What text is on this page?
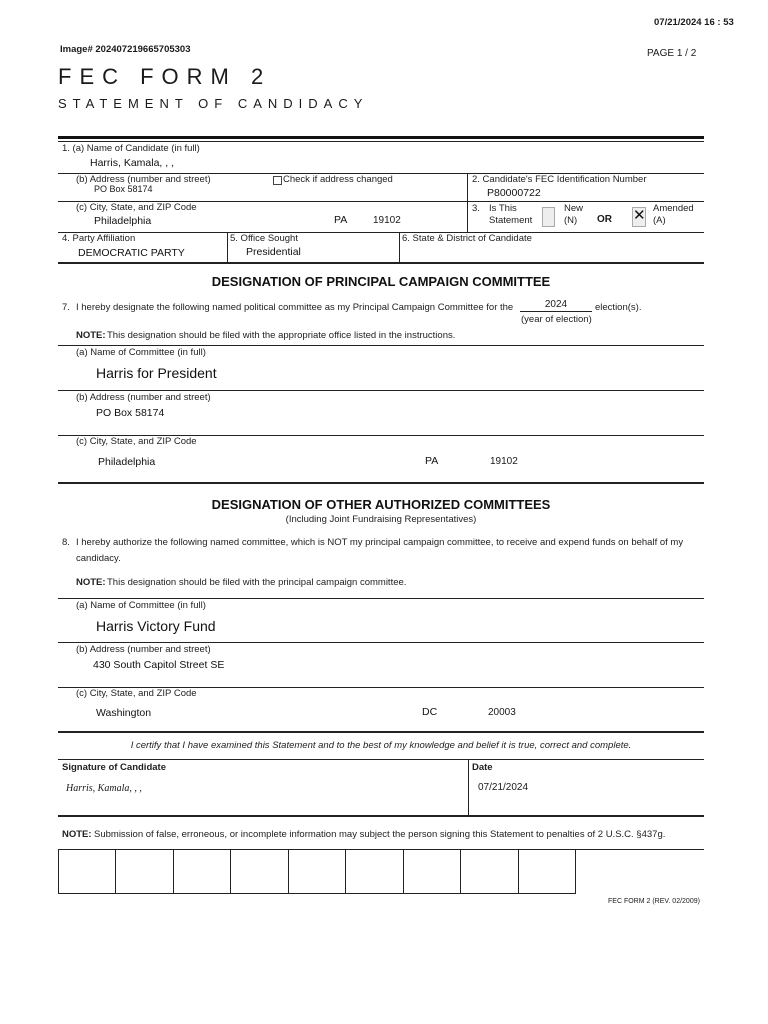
07/21/2024 16 : 53
Image# 202407219665705303	PAGE 1 / 2
FEC FORM 2
STATEMENT OF CANDIDACY
1. (a) Name of Candidate (in full)
Harris, Kamala, , ,
(b) Address (number and street)
PO Box 58174
Check if address changed	2. Candidate's FEC Identification Number
P80000722
(c) City, State, and ZIP Code
Philadelphia	PA	19102
3. Is This
Statement
New
(N) OR ✕ Amended
(A)
4. Party Affiliation
DEMOCRATIC PARTY
5. Office Sought
Presidential
6. State & District of Candidate
DESIGNATION OF PRINCIPAL CAMPAIGN COMMITTEE
7. I hereby designate the following named political committee as my Principal Campaign Committee for the	2024
(year of election)
election(s).
NOTE: This designation should be filed with the appropriate office listed in the instructions.
(a) Name of Committee (in full)
Harris for President
(b) Address (number and street)
PO Box 58174
(c) City, State, and ZIP Code
Philadelphia	PA	19102
DESIGNATION OF OTHER AUTHORIZED COMMITTEES
(Including Joint Fundraising Representatives)
8. I hereby authorize the following named committee, which is NOT my principal campaign committee, to receive and expend funds on behalf of my
candidacy.
NOTE: This designation should be filed with the principal campaign committee.
(a) Name of Committee (in full)
Harris Victory Fund
(b) Address (number and street)
430 South Capitol Street SE
(c) City, State, and ZIP Code
Washington	DC	20003
I certify that I have examined this Statement and to the best of my knowledge and belief it is true, correct and complete.
Signature of Candidate
Harris, Kamala, , ,
Date
07/21/2024
NOTE: Submission of false, erroneous, or incomplete information may subject the person signing this Statement to penalties of 2 U.S.C. §437g.
FEC FORM 2 (REV. 02/2009)
